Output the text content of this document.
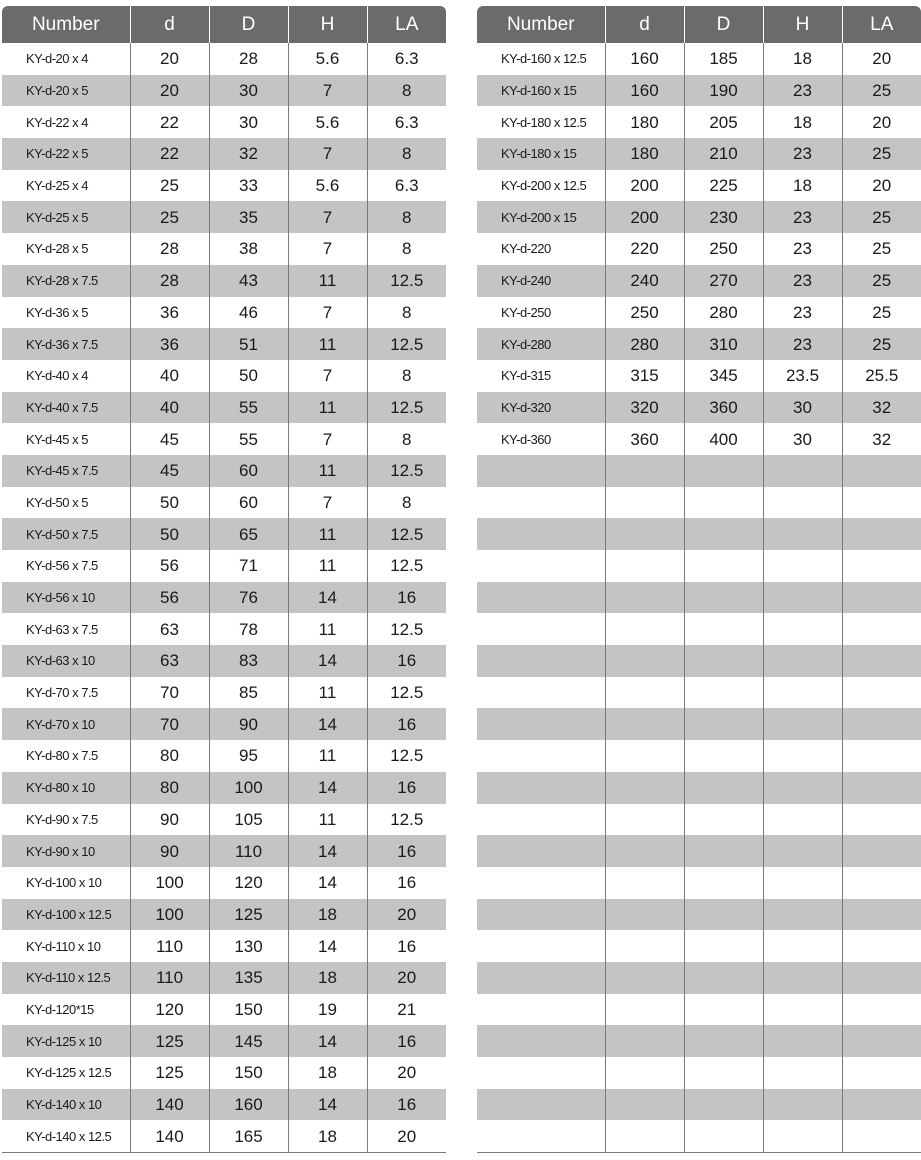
Number	d	D	H	LA
KY-d-20 x 4	20	28	5.6	6.3
KY-d-20 x 5	20	30	7	8
KY-d-22 x 4	22	30	5.6	6.3
KY-d-22 x 5	22	32	7	8
KY-d-25 x 4	25	33	5.6	6.3
KY-d-25 x 5	25	35	7	8
KY-d-28 x 5	28	38	7	8
KY-d-28 x 7.5	28	43	11	12.5
KY-d-36 x 5	36	46	7	8
KY-d-36 x 7.5	36	51	11	12.5
KY-d-40 x 4	40	50	7	8
KY-d-40 x 7.5	40	55	11	12.5
KY-d-45 x 5	45	55	7	8
KY-d-45 x 7.5	45	60	11	12.5
KY-d-50 x 5	50	60	7	8
KY-d-50 x 7.5	50	65	11	12.5
KY-d-56 x 7.5	56	71	11	12.5
KY-d-56 x 10	56	76	14	16
KY-d-63 x 7.5	63	78	11	12.5
KY-d-63 x 10	63	83	14	16
KY-d-70 x 7.5	70	85	11	12.5
KY-d-70 x 10	70	90	14	16
KY-d-80 x 7.5	80	95	11	12.5
KY-d-80 x 10	80	100	14	16
KY-d-90 x 7.5	90	105	11	12.5
KY-d-90 x 10	90	110	14	16
KY-d-100 x 10	100	120	14	16
KY-d-100 x 12.5	100	125	18	20
KY-d-110 x 10	110	130	14	16
KY-d-110 x 12.5	110	135	18	20
KY-d-120*15	120	150	19	21
KY-d-125 x 10	125	145	14	16
KY-d-125 x 12.5	125	150	18	20
KY-d-140 x 10	140	160	14	16
KY-d-140 x 12.5	140	165	18	20
Number	d	D	H	LA
KY-d-160 x 12.5	160	185	18	20
KY-d-160 x 15	160	190	23	25
KY-d-180 x 12.5	180	205	18	20
KY-d-180 x 15	180	210	23	25
KY-d-200 x 12.5	200	225	18	20
KY-d-200 x 15	200	230	23	25
KY-d-220	220	250	23	25
KY-d-240	240	270	23	25
KY-d-250	250	280	23	25
KY-d-280	280	310	23	25
KY-d-315	315	345	23.5	25.5
KY-d-320	320	360	30	32
KY-d-360	360	400	30	32
